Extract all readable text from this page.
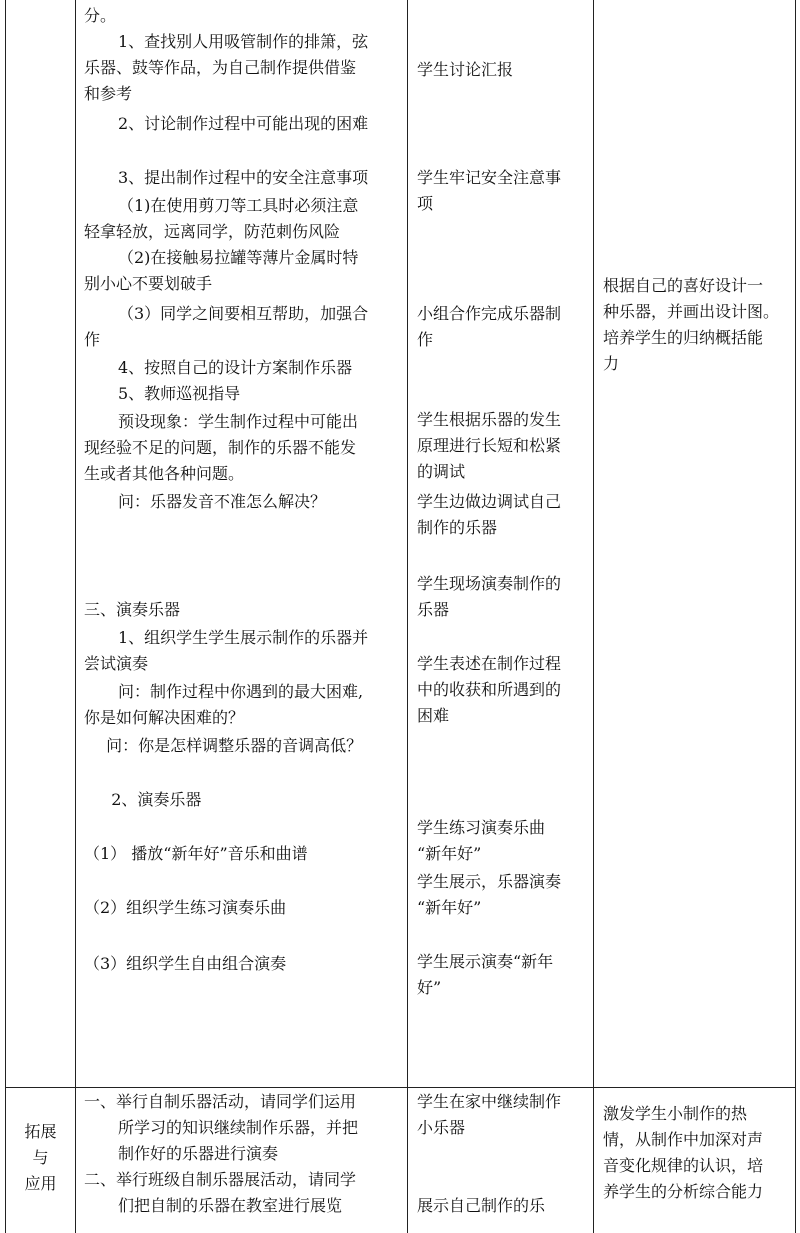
分。
1、查找别人用吸管制作的排箫，弦
乐器、鼓等作品，为自己制作提供借鉴
和参考
2、讨论制作过程中可能出现的困难
3、提出制作过程中的安全注意事项
（1)在使用剪刀等工具时必须注意
轻拿轻放，远离同学，防范刺伤风险
（2)在接触易拉罐等薄片金属时特
别小心不要划破手
（3）同学之间要相互帮助，加强合
作
4、按照自己的设计方案制作乐器
5、教师巡视指导
预设现象：学生制作过程中可能出
现经验不足的问题，制作的乐器不能发
生或者其他各种问题。
问：乐器发音不准怎么解决？
三、演奏乐器
1、组织学生学生展示制作的乐器并
尝试演奏
问：制作过程中你遇到的最大困难,
你是如何解决困难的？
问：你是怎样调整乐器的音调高低？
2、演奏乐器
（1） 播放“新年好”音乐和曲谱
（2）组织学生练习演奏乐曲
（3）组织学生自由组合演奏
学生讨论汇报
学生牢记安全注意事
项
小组合作完成乐器制
作
学生根据乐器的发生
原理进行长短和松紧
的调试
学生边做边调试自己
制作的乐器
学生现场演奏制作的
乐器
学生表述在制作过程
中的收获和所遇到的
困难
学生练习演奏乐曲
“新年好”
学生展示，乐器演奏
“新年好”
学生展示演奏“新年
好”
根据自己的喜好设计一
种乐器，并画出设计图。
培养学生的归纳概括能
力
拓展
与
应用
一、举行自制乐器活动，请同学们运用
所学习的知识继续制作乐器，并把
制作好的乐器进行演奏
二、举行班级自制乐器展活动，请同学
们把自制的乐器在教室进行展览
学生在家中继续制作
小乐器
展示自己制作的乐
激发学生小制作的热
情，从制作中加深对声
音变化规律的认识，培
养学生的分析综合能力
